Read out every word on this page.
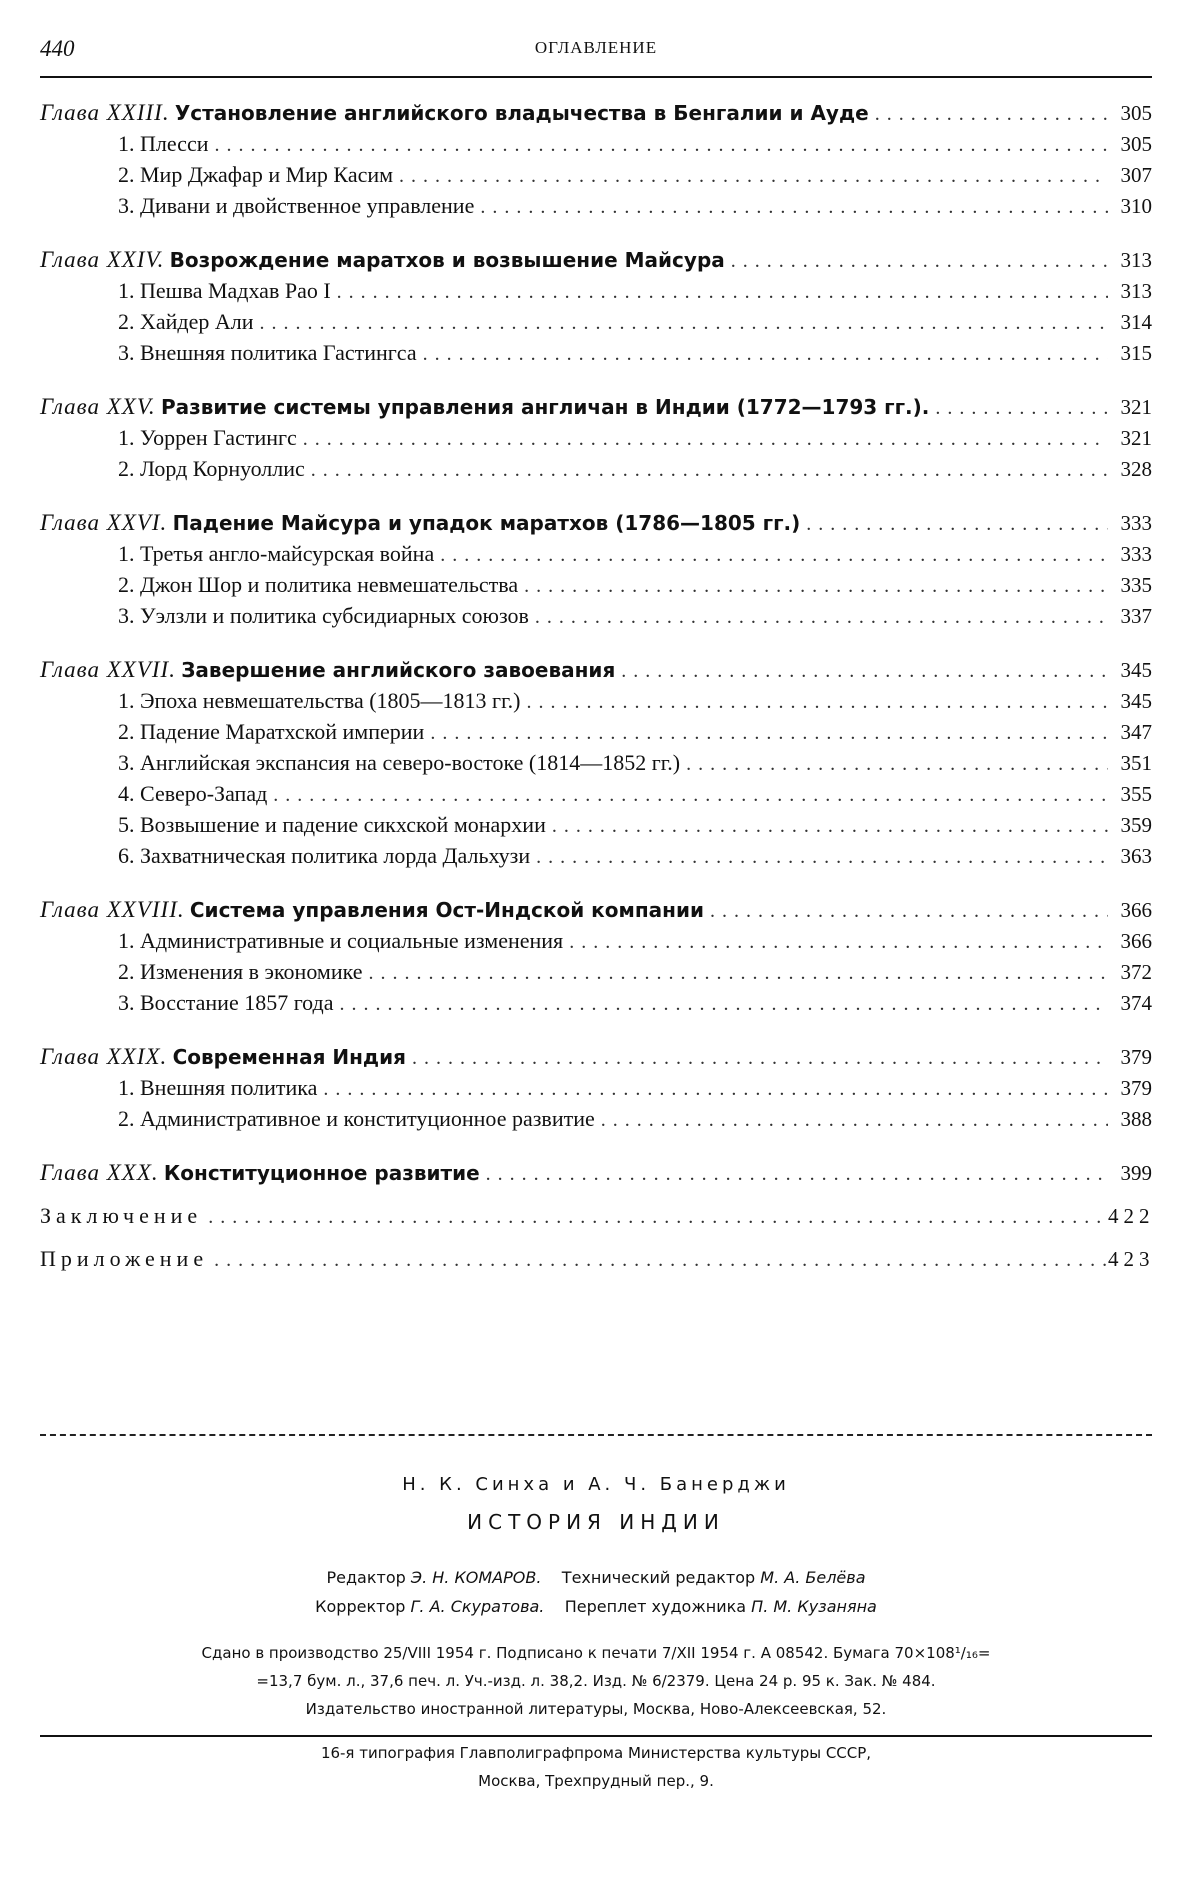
440	ОГЛАВЛЕНИЕ
Глава XXIII. Установление английского владычества в Бенгалии и Ауде . . .	305
1. Плесси . . .	305
2. Мир Джафар и Мир Касим . . .	307
3. Дивани и двойственное управление . . .	310
Глава XXIV. Возрождение маратхов и возвышение Майсура . . .	313
1. Пешва Мадхав Рао I . . .	313
2. Хайдер Али . . .	314
3. Внешняя политика Гастингса . . .	315
Глава XXV. Развитие системы управления англичан в Индии (1772—1793 гг.). . . .	321
1. Уоррен Гастингс . . .	321
2. Лорд Корнуоллис . . .	328
Глава XXVI. Падение Майсура и упадок маратхов (1786—1805 гг.) . . .	333
1. Третья англо-майсурская война . . .	333
2. Джон Шор и политика невмешательства . . .	335
3. Уэлзли и политика субсидиарных союзов . . .	337
Глава XXVII. Завершение английского завоевания . . .	345
1. Эпоха невмешательства (1805—1813 гг.) . . .	345
2. Падение Маратхской империи . . .	347
3. Английская экспансия на северо-востоке (1814—1852 гг.) . . .	351
4. Северо-Запад . . .	355
5. Возвышение и падение сикхской монархии . . .	359
6. Захватническая политика лорда Дальхузи . . .	363
Глава XXVIII. Система управления Ост-Индской компании . . .	366
1. Административные и социальные изменения . . .	366
2. Изменения в экономике . . .	372
3. Восстание 1857 года . . .	374
Глава XXIX. Современная Индия . . .	379
1. Внешняя политика . . .	379
2. Административное и конституционное развитие . . .	388
Глава XXX. Конституционное развитие . . .	399
Заключение . . .	422
Приложение . . .	423
Н. К. Синха и А. Ч. Банерджи
ИСТОРИЯ ИНДИИ
Редактор Э. Н. КОМАРОВ. Технический редактор М. А. Белёва
Корректор Г. А. Скуратова. Переплет художника П. М. Кузанянa
Сдано в производство 25/VIII 1954 г. Подписано к печати 7/XII 1954 г. А 08542. Бумага 70×108¹/₁₆=
=13,7 бум. л., 37,6 печ. л. Уч.-изд. л. 38,2. Изд. № 6/2379. Цена 24 р. 95 к. Зак. № 484.
Издательство иностранной литературы, Москва, Ново-Алексеевская, 52.
16-я типография Главполиграфпрома Министерства культуры СССР,
Москва, Трехпрудный пер., 9.
